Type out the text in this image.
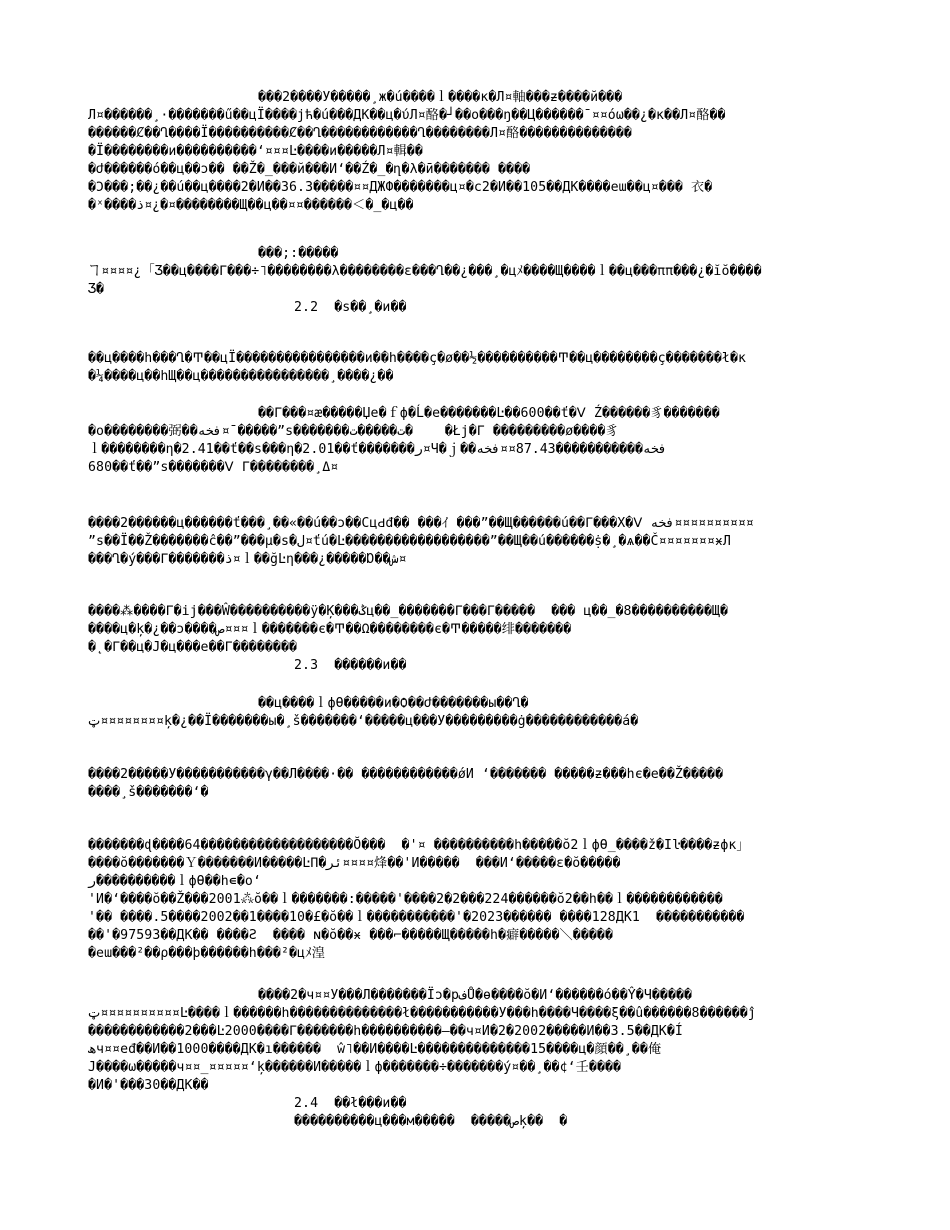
���2����У�����¸ж�ú����ｌ����к�Л¤軸���ƶ����й���
Л¤������¸·�������ű��цЇ����јћ�ú���ДК��ц�ύЛ¤酪�┘��о���ŋ��Ц������ˉ¤¤όω��¿�к��Л¤酪��
������Ȼ��Ղ����Ї����������Ȼ��Ղ������������Ղ��������Л¤酪��������������
�Ї��������и����������‘¤¤¤Ŀ����и�����Л¤輯��
�ժ������ó��ц��ͻ�� ��Ž�_���й���И‘��Ź�_�ղ�λ�ӣ������� ����
�Ͻ���;��¿��ú��ц����2�И��36.3�����¤¤ДЖФ�������ц¤�c2�И��105��ДК����еա��ц¤��� 衣�
�ˣ����ذ¤¿�¤��������Щ��ц��¤¤������＜�_�ц��
���;:�����
ヿ¤¤¤¤¿「Ʒ��ц����Γ���÷˥��������λ��������ε���Ղ��¿���¸�цﾒ����Щ����ｌ��ц���ππ���¿�ĭŏ����
Ʒ�
2.2  �ѕ��¸�и��
��ц����h���Ղ�Ͳ��цЇ����������������и��h����ç�ø��½����������Ͳ��ц��������ç�������ł�к
�¼����ц��hЩ��ц����������������¸����¿��
��Γ���¤æ�����Џе�ｆф�Ĺ�е�������Ŀ��600��ť�Ⅴ Ź������豸�������
�о��������弼��فخه¤ˉ�����”ѕ�������ت�����ت�    �Łј�Γ ���������ø����豸
ｌ��������η�2.41��ť��ѕ���η�2.01��ť�������ر¤Ч�ｊ��فخه�����������87.43¤¤فخه
680��ť��”ѕ�������Ⅴ Γ��������¸Δ¤
����2������ц������ť���¸��«��ú��ͻ��СцԀđ�� ���ｲ ���”��Щ������ú��Γ���Х�Ⅴ فخه¤¤¤¤¤¤¤¤¤¤
”ѕ��Ї��Ž�������ĉ��”���µ�ѕ�ل¤ťú�Ŀ������������������”��Щ��ú������ṩ�¸�ѧ��Č¤¤¤¤¤¤¤ӿЛ
���Ղ�ý���Γ�������ذ¤ｌ��ğĿη���¿�����Ɒ��ش¤
����⁂����Γ�ij���Ŵ����������ÿ�Ķ���ݣц��_�������Γ���Γ�����  ��� ц��_�8����������Щ�
����ц�ķ�¿��ͻ����ص¤¤¤ｌ�������є�Ͳ��Ω��������є�Ͳ�����绯�������
�˛�Γ��ц�Ј�ц���е��Γ��������
2.3  ������и��
��ц����ｌфѲ�����и�Ѻ��ժ�������ы��Ղ�
ټ¤¤¤¤¤¤¤¤ķ�¿��Ї�������ы�¸š�������‘�����ц���У���������ġ������������á�
����2�����У�����������γ��Л����·�� ������������ǿИ ‘������� �����ƶ���һє�е��Ž�����
����¸š�������‘�
�������ɖ����64�������������������Ŏ���  �'¤ ����������h�����ŏ2ｌфѲ_����ž�Ӏŀ����ƶфк｣
����ŏ�������Ｙ�������И�����ĿΠ�ئر¤¤¤¤烽��'И�����  ���И‘�����ε�ŏ�����
ر����������ｌфѲ��h∊�о‘
'И�‘����ŏ��Ž���2001⁂ŏ��ｌ�������:�����'����2�2���224������ŏ2��h��ｌ������������
'�� ����.5����2002��1����10�£�ŏ��ｌ�����������'�2023������ ����128ДК1  �����������
��'�97593��ДК�� ����Ƨ  ���� ɴ�ŏ��ӿ ���⌐�����Щ�����h�癖�����＼�����
�еա���²��ρ���þ������h���²�цﾒ湟
����2�ч¤¤У���Л�������Ïͻ�рفŮ�ѳ����ŏ�И‘������ó��Ŷ�Ч�����
ټ¤¤¤¤¤¤¤¤¤¤Ŀ����ｌ������h��������������ł�����������У���h����Ч����ξ��û������8������ĵ
������������2���Ŀ2000����Γ�������h����������–��ч¤И�2�2002�����И��3.5��ДК�Í
ھч¤¤еđ��И��1000����ДК�ı������  ŵ˥��И����Ŀ��������������15����ц�顔��¸��俺
Ј����ω�����ч¤¤_¤¤¤¤¤‘ķ������И�����ｌф�������÷�������ý¤��¸��¢‘壬����
�И�'���30��ДК��
2.4  ��ł���и��
����������ц���м�����  �����صķ��  �
